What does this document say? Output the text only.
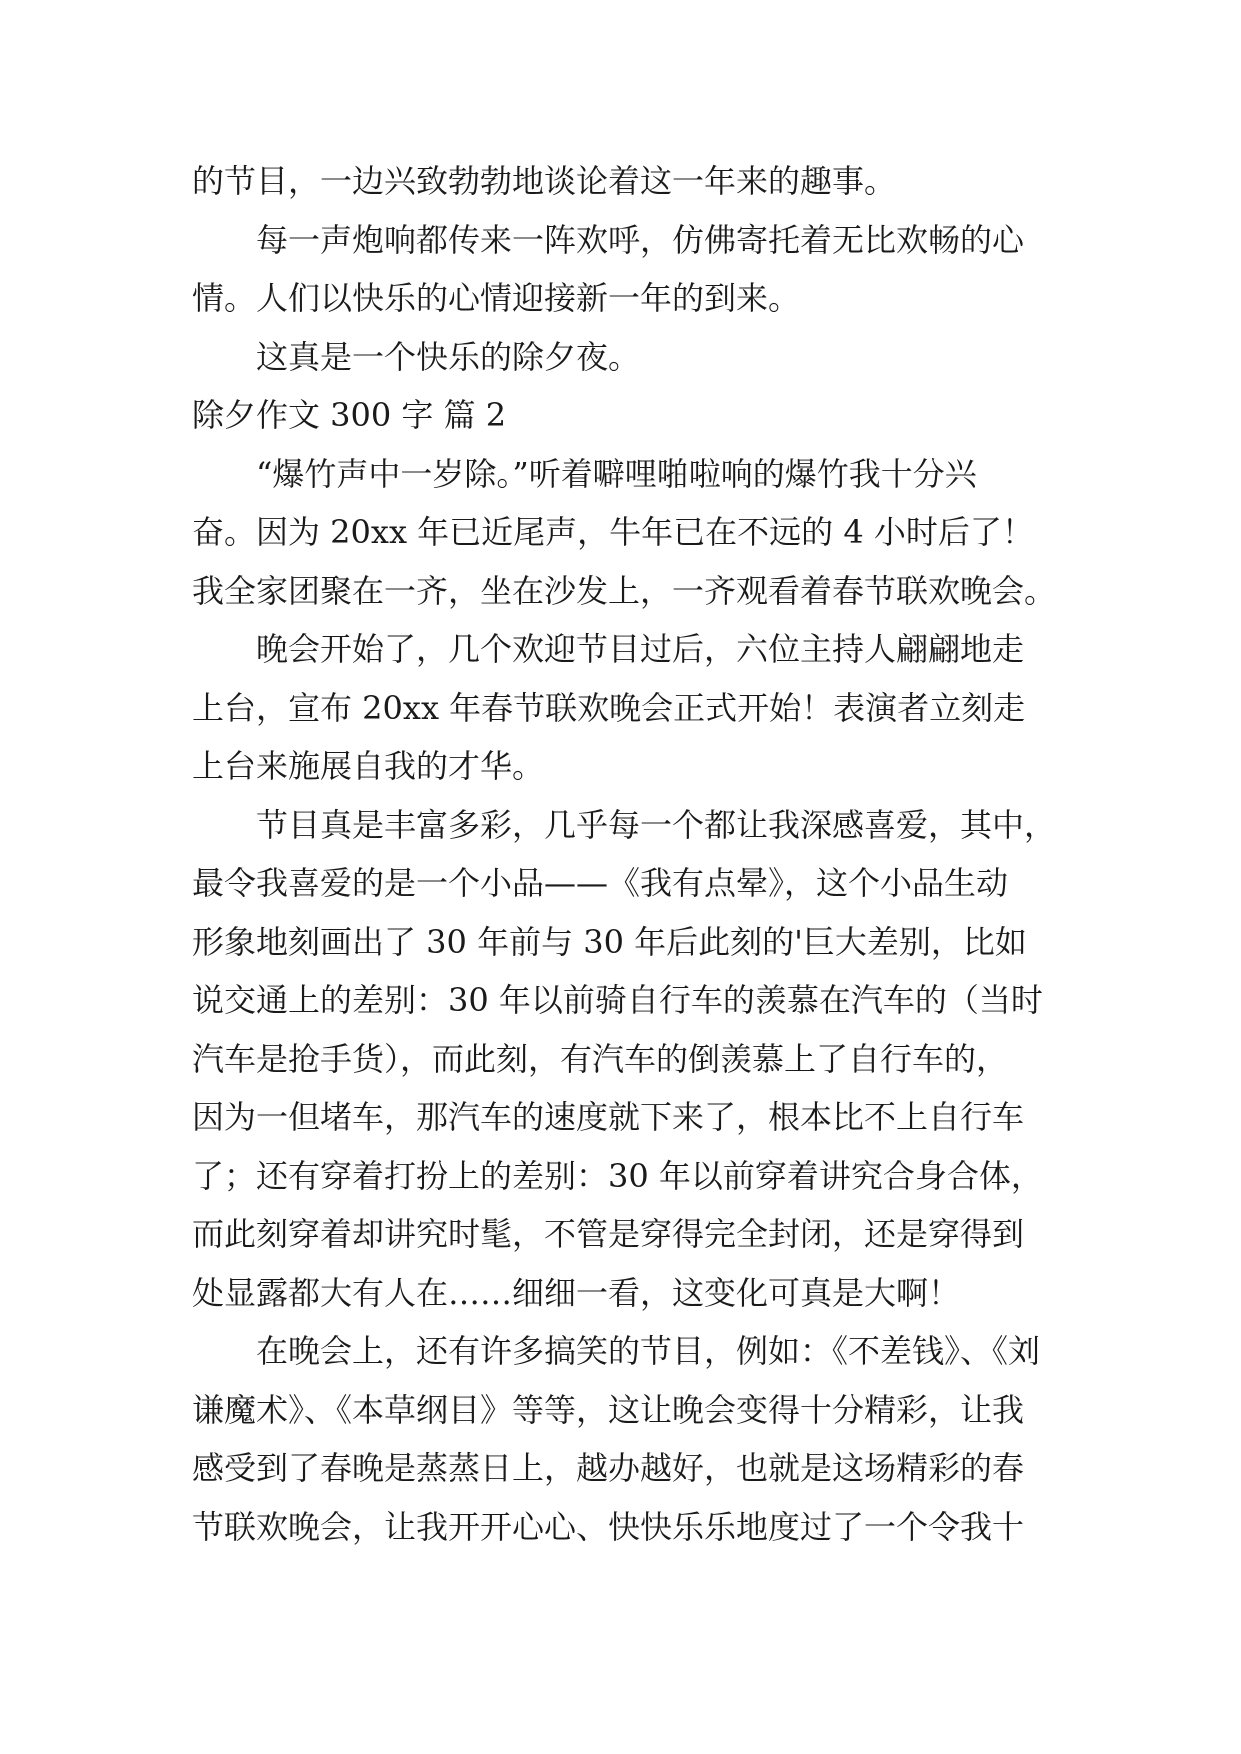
的节目，一边兴致勃勃地谈论着这一年来的趣事。

每一声炮响都传来一阵欢呼，仿佛寄托着无比欢畅的心

情。人们以快乐的心情迎接新一年的到来。

这真是一个快乐的除夕夜。

除夕作文 300 字 篇 2

“爆竹声中一岁除。”听着噼哩啪啦响的爆竹我十分兴

奋。因为 20xx 年已近尾声，牛年已在不远的 4 小时后了！

我全家团聚在一齐，坐在沙发上，一齐观看着春节联欢晚会。

晚会开始了，几个欢迎节目过后，六位主持人翩翩地走

上台，宣布 20xx 年春节联欢晚会正式开始！表演者立刻走

上台来施展自我的才华。

节目真是丰富多彩，几乎每一个都让我深感喜爱，其中，

最令我喜爱的是一个小品——《我有点晕》，这个小品生动

形象地刻画出了 30 年前与 30 年后此刻的'巨大差别，比如

说交通上的差别：30 年以前骑自行车的羡慕在汽车的（当时

汽车是抢手货），而此刻，有汽车的倒羡慕上了自行车的，

因为一但堵车，那汽车的速度就下来了，根本比不上自行车

了；还有穿着打扮上的差别：30 年以前穿着讲究合身合体，

而此刻穿着却讲究时髦，不管是穿得完全封闭，还是穿得到

处显露都大有人在……细细一看，这变化可真是大啊！

在晚会上，还有许多搞笑的节目，例如：《不差钱》、《刘

谦魔术》、《本草纲目》等等，这让晚会变得十分精彩，让我

感受到了春晚是蒸蒸日上，越办越好，也就是这场精彩的春

节联欢晚会，让我开开心心、快快乐乐地度过了一个令我十
